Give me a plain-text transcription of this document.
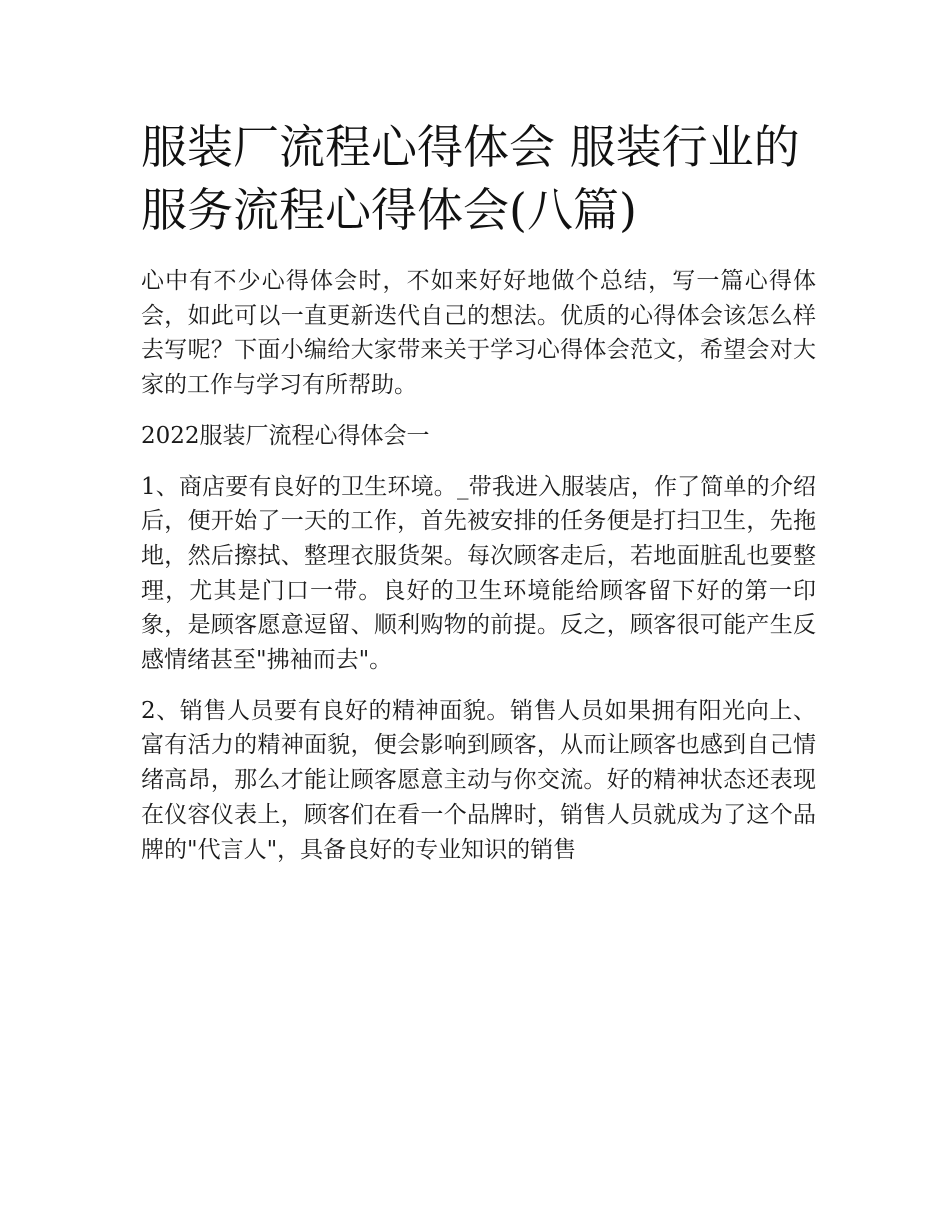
服装厂流程心得体会 服装行业的服务流程心得体会(八篇)

心中有不少心得体会时，不如来好好地做个总结，写一篇心得体会，如此可以一直更新迭代自己的想法。优质的心得体会该怎么样去写呢？下面小编给大家带来关于学习心得体会范文，希望会对大家的工作与学习有所帮助。

2022服装厂流程心得体会一

1、商店要有良好的卫生环境。_带我进入服装店，作了简单的介绍后，便开始了一天的工作，首先被安排的任务便是打扫卫生，先拖地，然后擦拭、整理衣服货架。每次顾客走后，若地面脏乱也要整理，尤其是门口一带。良好的卫生环境能给顾客留下好的第一印象，是顾客愿意逗留、顺利购物的前提。反之，顾客很可能产生反感情绪甚至"拂袖而去"。

2、销售人员要有良好的精神面貌。销售人员如果拥有阳光向上、富有活力的精神面貌，便会影响到顾客，从而让顾客也感到自己情绪高昂，那么才能让顾客愿意主动与你交流。好的精神状态还表现在仪容仪表上，顾客们在看一个品牌时，销售人员就成为了这个品牌的"代言人"，具备良好的专业知识的销售
